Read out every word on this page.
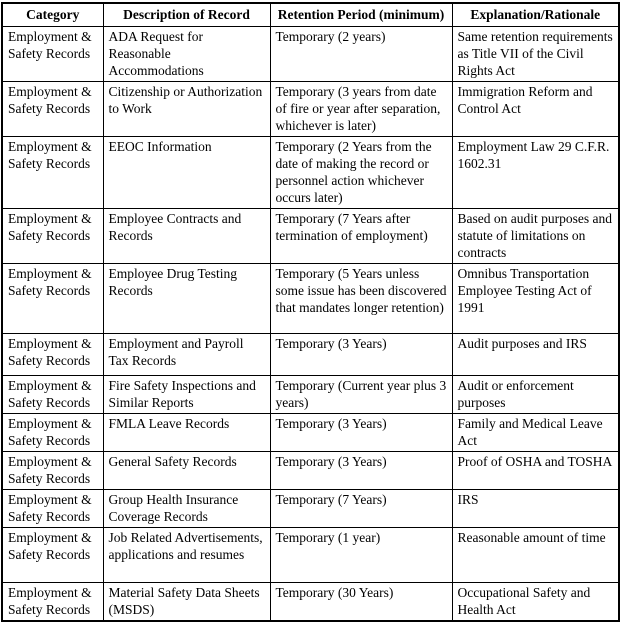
Category	Description of Record	Retention Period (minimum)	Explanation/Rationale
Employment & Safety Records	ADA Request for Reasonable Accommodations	Temporary (2 years)	Same retention requirements as Title VII of the Civil Rights Act
Employment & Safety Records	Citizenship or Authorization to Work	Temporary (3 years from date of fire or year after separation, whichever is later)	Immigration Reform and Control Act
Employment & Safety Records	EEOC Information	Temporary (2 Years from the date of making the record or personnel action whichever occurs later)	Employment Law 29 C.F.R. 1602.31
Employment & Safety Records	Employee Contracts and Records	Temporary (7 Years after termination of employment)	Based on audit purposes and statute of limitations on contracts
Employment & Safety Records	Employee Drug Testing Records	Temporary (5 Years unless some issue has been discovered that mandates longer retention)	Omnibus Transportation Employee Testing Act of 1991
Employment & Safety Records	Employment and Payroll Tax Records	Temporary (3 Years)	Audit purposes and IRS
Employment & Safety Records	Fire Safety Inspections and Similar Reports	Temporary (Current year plus 3 years)	Audit or enforcement purposes
Employment & Safety Records	FMLA Leave Records	Temporary (3 Years)	Family and Medical Leave Act
Employment & Safety Records	General Safety Records	Temporary (3 Years)	Proof of OSHA and TOSHA
Employment & Safety Records	Group Health Insurance Coverage Records	Temporary (7 Years)	IRS
Employment & Safety Records	Job Related Advertisements, applications and resumes	Temporary (1 year)	Reasonable amount of time
Employment & Safety Records	Material Safety Data Sheets (MSDS)	Temporary (30 Years)	Occupational Safety and Health Act
